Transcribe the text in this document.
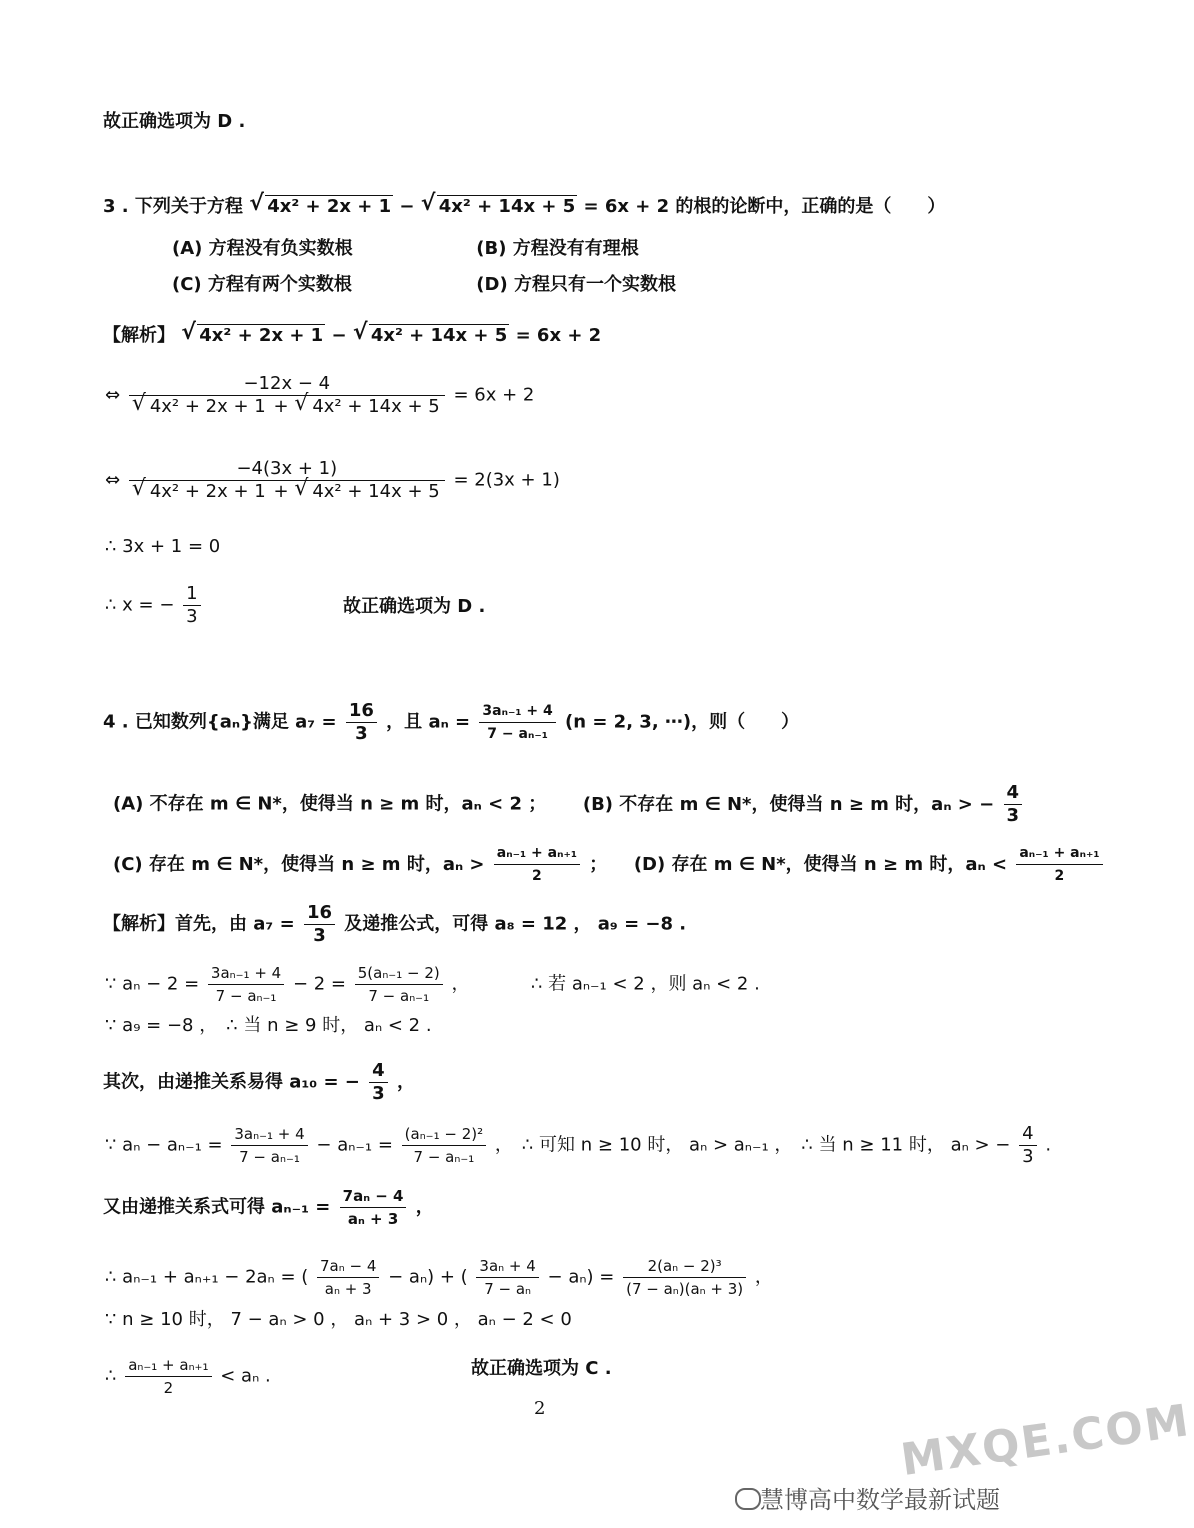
故正确选项为 D .
3 . 下列关于方程 √ 4x² + 2x + 1 − √ 4x² + 14x + 5 = 6x + 2 的根的论断中，正确的是（　　）
(A) 方程没有负实数根	(B) 方程没有有理根
(C) 方程有两个实数根	(D) 方程只有一个实数根
【解析】 √ 4x² + 2x + 1 − √ 4x² + 14x + 5 = 6x + 2
⇔ −12x − 4
√ 4x² + 2x + 1 + √ 4x² + 14x + 5 = 6x + 2
⇔ −4(3x + 1)
√ 4x² + 2x + 1 + √ 4x² + 14x + 5 = 2(3x + 1)
∴ 3x + 1 = 0
∴ x = − $\frac{1}{3}$	故正确选项为 D .
4 . 已知数列{aₙ}满足 $a_7 = \frac{16}{3}$ ，且 $a_n = \frac{\text{3aₙ₋₁ + 4}}{\text{7 − aₙ₋₁}} (n = 2$, 3, ⋯)，则（　　）
(A) 不存在 m ∈ N*，使得当 n ≥ m 时，aₙ < 2 ； (B) 不存在 m ∈ N*，使得当 n ≥ m 时，aₙ > − $\frac{4}{3}$
(C) 存在 m ∈ N*，使得当 n ≥ m 时，$a_n > \frac{\text{aₙ₋₁ + aₙ₊₁}}{2}$ ； (D) 存在 m ∈ N*，使得当 n ≥ m 时，$a_n < \frac{\text{aₙ₋₁ + aₙ₊₁}}{2}$
【解析】首先，由 $a_7 = \frac{16}{3}$ 及递推公式，可得 a₈ = 12 ， a₉ = −8 .
∵ $a_n - 2 = \frac{\text{3aₙ₋₁ + 4}}{\text{7 − aₙ₋₁}} - 2 = \frac{\text{5(aₙ₋₁ − 2)}}{\text{7 − aₙ₋₁}}$ ，	∴ 若 aₙ₋₁ < 2 ，则 aₙ < 2 .
∵ a₉ = −8 ，　∴ 当 n ≥ 9 时， aₙ < 2 .
其次，由递推关系易得 a₁₀ = − $\frac{4}{3}$ ，
∵ $a_n - a_{n-1} = \frac{\text{3aₙ₋₁ + 4}}{\text{7 − aₙ₋₁}} - a_{n-1} = \frac{\text{(aₙ₋₁ − 2)²}}{\text{7 − aₙ₋₁}}$ ，　∴ 可知 n ≥ 10 时， aₙ > aₙ₋₁ ，　∴ 当 n ≥ 11 时， aₙ > − $\frac{4}{3}$ .
又由递推关系式可得 $a_{n-1} = \frac{\text{7aₙ − 4}}{\text{aₙ + 3}}$ ，
∴ aₙ₋₁ + aₙ₊₁ − 2aₙ = ( $\frac{\text{7aₙ − 4}}{\text{aₙ + 3}} - a_n$) + ( $\frac{\text{3aₙ + 4}}{\text{7 − aₙ}} - a_n) = \frac{\text{2(aₙ − 2)³}}{\text{(7 − aₙ)(aₙ + 3)}}$ ，
∵ n ≥ 10 时， 7 − aₙ > 0 ， aₙ + 3 > 0 ， aₙ − 2 < 0
∴ $\frac{\text{aₙ₋₁ + aₙ₊₁}}{2} < a_n$ .	故正确选项为 C .
2	MXQE.COM
慧博高中数学最新试题
